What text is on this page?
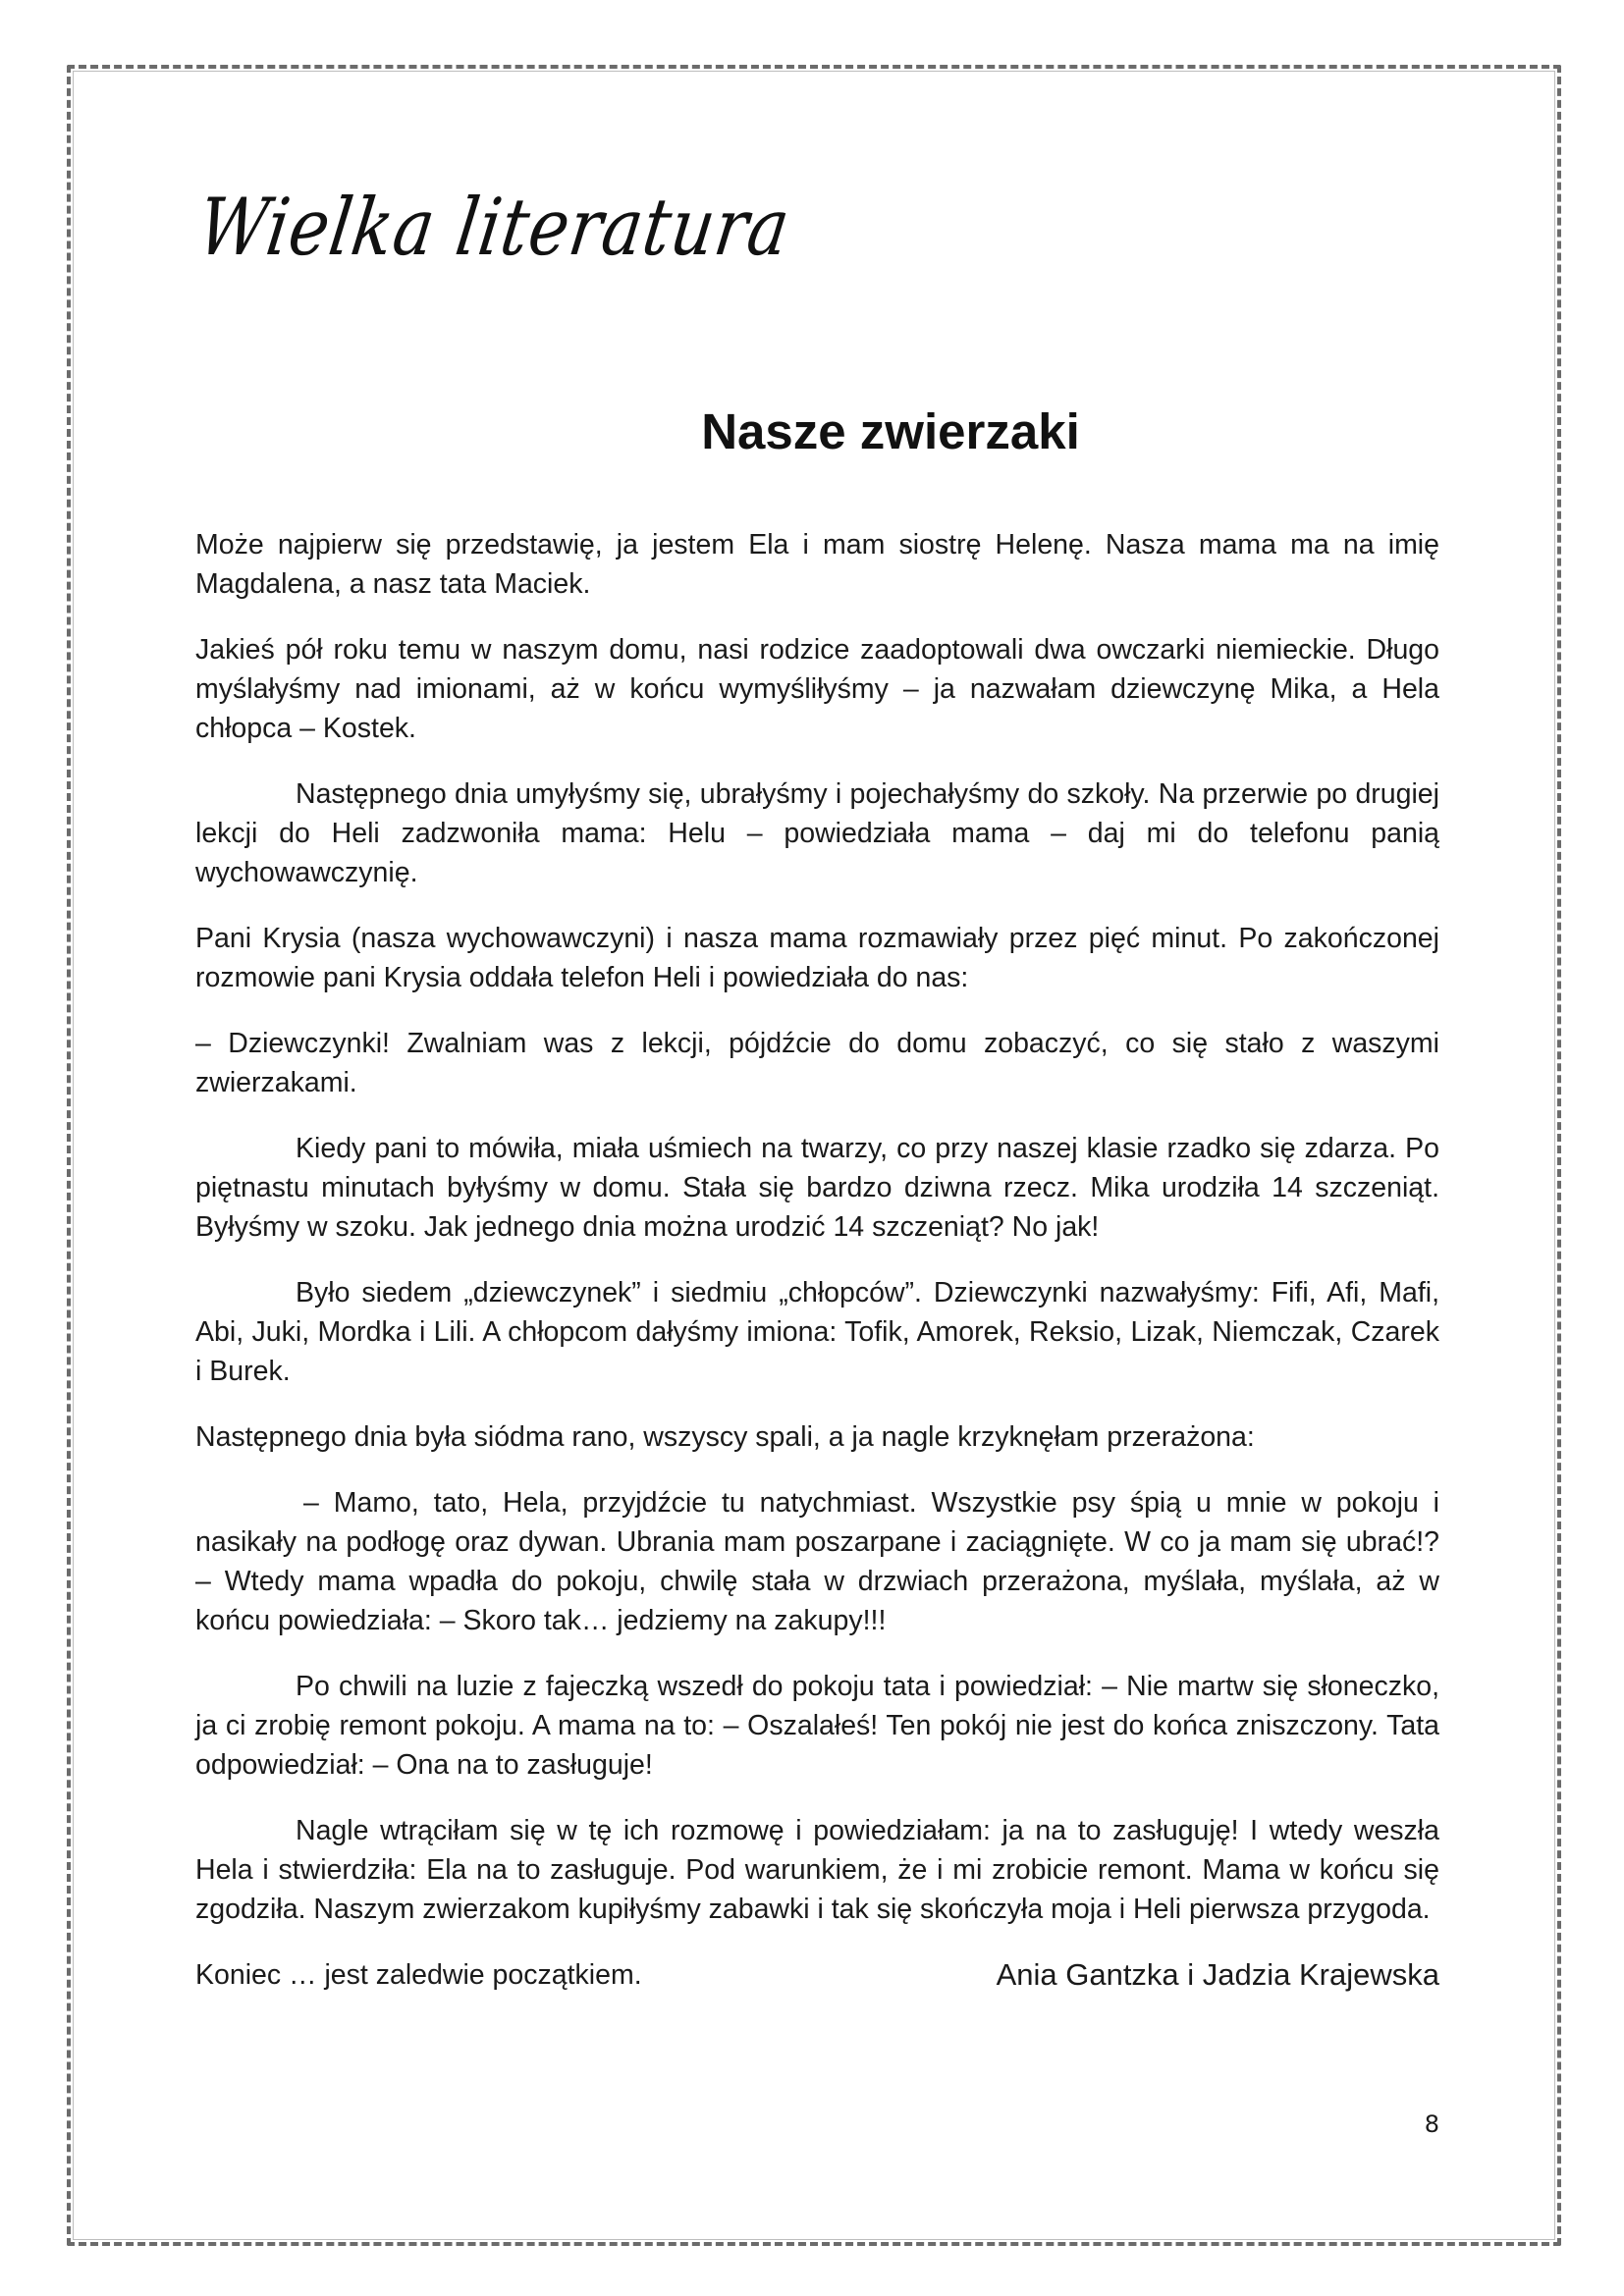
Wielka literatura
Nasze zwierzaki

Może najpierw się przedstawię, ja jestem Ela i mam siostrę Helenę. Nasza mama ma na imię Magdalena, a nasz tata Maciek.

Jakieś pół roku temu w naszym domu, nasi rodzice zaadoptowali dwa owczarki niemieckie. Długo myślałyśmy nad imionami, aż w końcu wymyśliłyśmy – ja nazwałam dziewczynę Mika, a Hela chłopca – Kostek.

Następnego dnia umyłyśmy się, ubrałyśmy i pojechałyśmy do szkoły. Na przerwie po drugiej lekcji do Heli zadzwoniła mama: Helu – powiedziała mama – daj mi do telefonu panią wychowawczynię.

Pani Krysia (nasza wychowawczyni) i nasza mama rozmawiały przez pięć minut. Po zakończonej rozmowie pani Krysia oddała telefon Heli i powiedziała do nas:

– Dziewczynki! Zwalniam was z lekcji, pójdźcie do domu zobaczyć, co się stało z waszymi zwierzakami.

Kiedy pani to mówiła, miała uśmiech na twarzy, co przy naszej klasie rzadko się zdarza. Po piętnastu minutach byłyśmy w domu. Stała się bardzo dziwna rzecz. Mika urodziła 14 szczeniąt. Byłyśmy w szoku. Jak jednego dnia można urodzić 14 szczeniąt? No jak!

Było siedem „dziewczynek” i siedmiu „chłopców”. Dziewczynki nazwałyśmy: Fifi, Afi, Mafi, Abi, Juki, Mordka i Lili. A chłopcom dałyśmy imiona: Tofik, Amorek, Reksio, Lizak, Niemczak, Czarek i Burek.

Następnego dnia była siódma rano, wszyscy spali, a ja nagle krzyknęłam przerażona:

– Mamo, tato, Hela, przyjdźcie tu natychmiast. Wszystkie psy śpią u mnie w pokoju i nasikały na podłogę oraz dywan. Ubrania mam poszarpane i zaciągnięte. W co ja mam się ubrać!? – Wtedy mama wpadła do pokoju, chwilę stała w drzwiach przerażona, myślała, myślała, aż w końcu powiedziała: – Skoro tak… jedziemy na zakupy!!!

Po chwili na luzie z fajeczką wszedł do pokoju tata i powiedział: – Nie martw się słoneczko, ja ci zrobię remont pokoju. A mama na to: – Oszalałeś! Ten pokój nie jest do końca zniszczony. Tata odpowiedział: – Ona na to zasługuje!

Nagle wtrąciłam się w tę ich rozmowę i powiedziałam: ja na to zasługuję! I wtedy weszła Hela i stwierdziła: Ela na to zasługuje. Pod warunkiem, że i mi zrobicie remont. Mama w końcu się zgodziła. Naszym zwierzakom kupiłyśmy zabawki i tak się skończyła moja i Heli pierwsza przygoda.

Koniec … jest zaledwie początkiem.	Ania Gantzka i Jadzia Krajewska
8
